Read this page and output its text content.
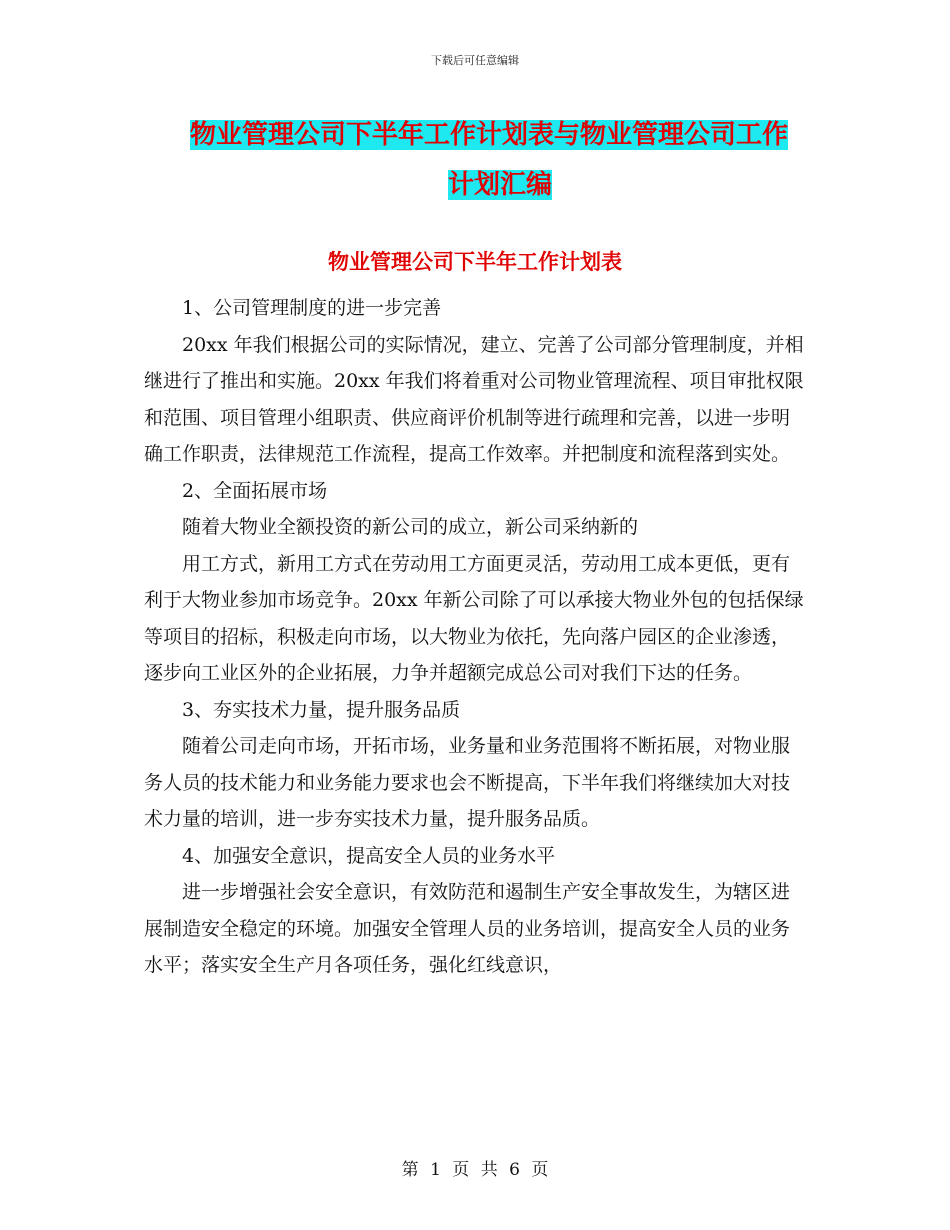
下载后可任意编辑
物业管理公司下半年工作计划表与物业管理公司工作
计划汇编
物业管理公司下半年工作计划表

1、公司管理制度的进一步完善

20xx 年我们根据公司的实际情况，建立、完善了公司部分管理制度，并相继进行了推出和实施。20xx 年我们将着重对公司物业管理流程、项目审批权限和范围、项目管理小组职责、供应商评价机制等进行疏理和完善，以进一步明确工作职责，法律规范工作流程，提高工作效率。并把制度和流程落到实处。

2、全面拓展市场

随着大物业全额投资的新公司的成立，新公司采纳新的

用工方式，新用工方式在劳动用工方面更灵活，劳动用工成本更低，更有利于大物业参加市场竞争。20xx 年新公司除了可以承接大物业外包的包括保绿等项目的招标，积极走向市场，以大物业为依托，先向落户园区的企业渗透，逐步向工业区外的企业拓展，力争并超额完成总公司对我们下达的任务。

3、夯实技术力量，提升服务品质

随着公司走向市场，开拓市场，业务量和业务范围将不断拓展，对物业服务人员的技术能力和业务能力要求也会不断提高，下半年我们将继续加大对技术力量的培训，进一步夯实技术力量，提升服务品质。

4、加强安全意识，提高安全人员的业务水平

进一步增强社会安全意识，有效防范和遏制生产安全事故发生，为辖区进展制造安全稳定的环境。加强安全管理人员的业务培训，提高安全人员的业务水平；落实安全生产月各项任务，强化红线意识，

第 1 页 共 6 页
